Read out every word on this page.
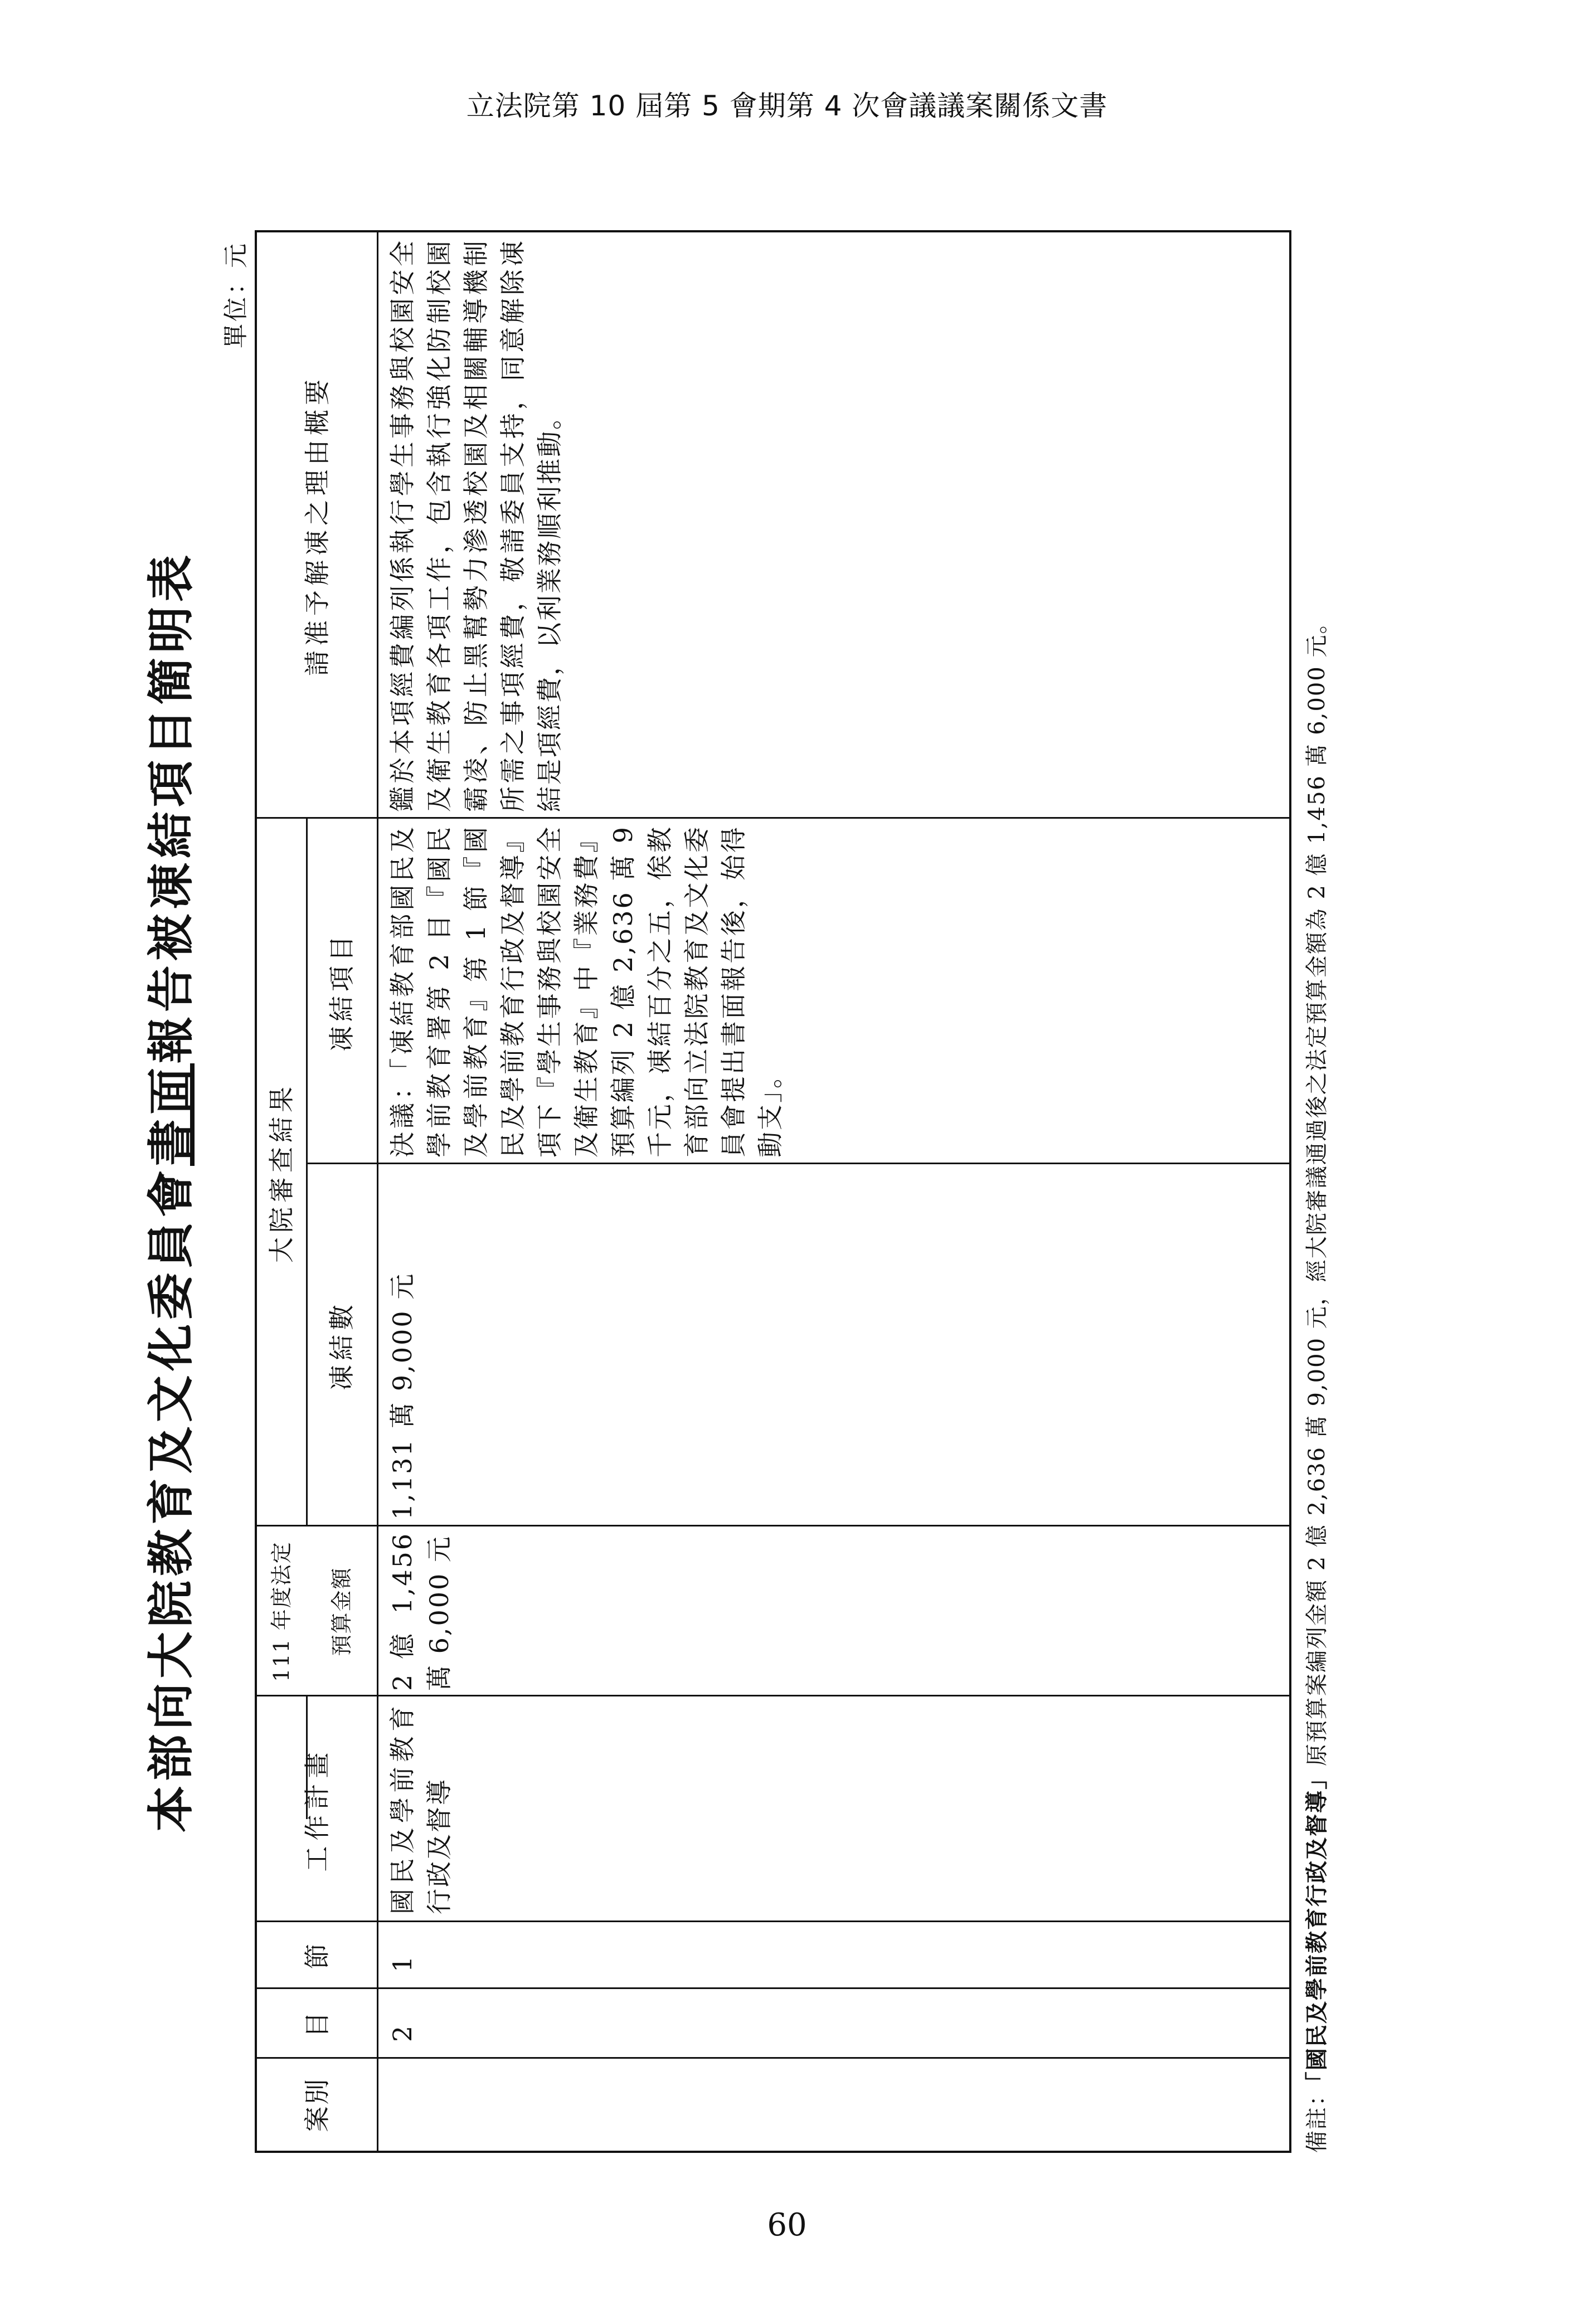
立法院第 10 屆第 5 會期第 4 次會議議案關係文書
本部向大院教育及文化委員會書面報告被凍結項目簡明表
單位：元
案別
目
節
工作計畫
111 年度法定	預算金額
大院審查結果
凍結數
凍結項目
請准予解凍之理由概要
2
1
國民及學前教育行政及督導
2 億 1,456 萬 6,000 元
1,131 萬 9,000 元
決議：「凍結教育部國民及學前教育署第 2 目『國民及學前教育』第 1 節『國民及學前教育行政及督導』項下『學生事務與校園安全及衛生教育』中『業務費』預算編列 2 億 2,636 萬 9 千元，凍結百分之五，俟教育部向立法院教育及文化委員會提出書面報告後，始得動支」。
鑑於本項經費編列係執行學生事務與校園安全及衛生教育各項工作，包含執行強化防制校園霸凌、防止黑幫勢力滲透校園及相關輔導機制所需之事項經費，敬請委員支持，同意解除凍結是項經費，以利業務順利推動。
備註：「國民及學前教育行政及督導」原預算案編列金額 2 億 2,636 萬 9,000 元，經大院審議通過後之法定預算金額為 2 億 1,456 萬 6,000 元。
60
